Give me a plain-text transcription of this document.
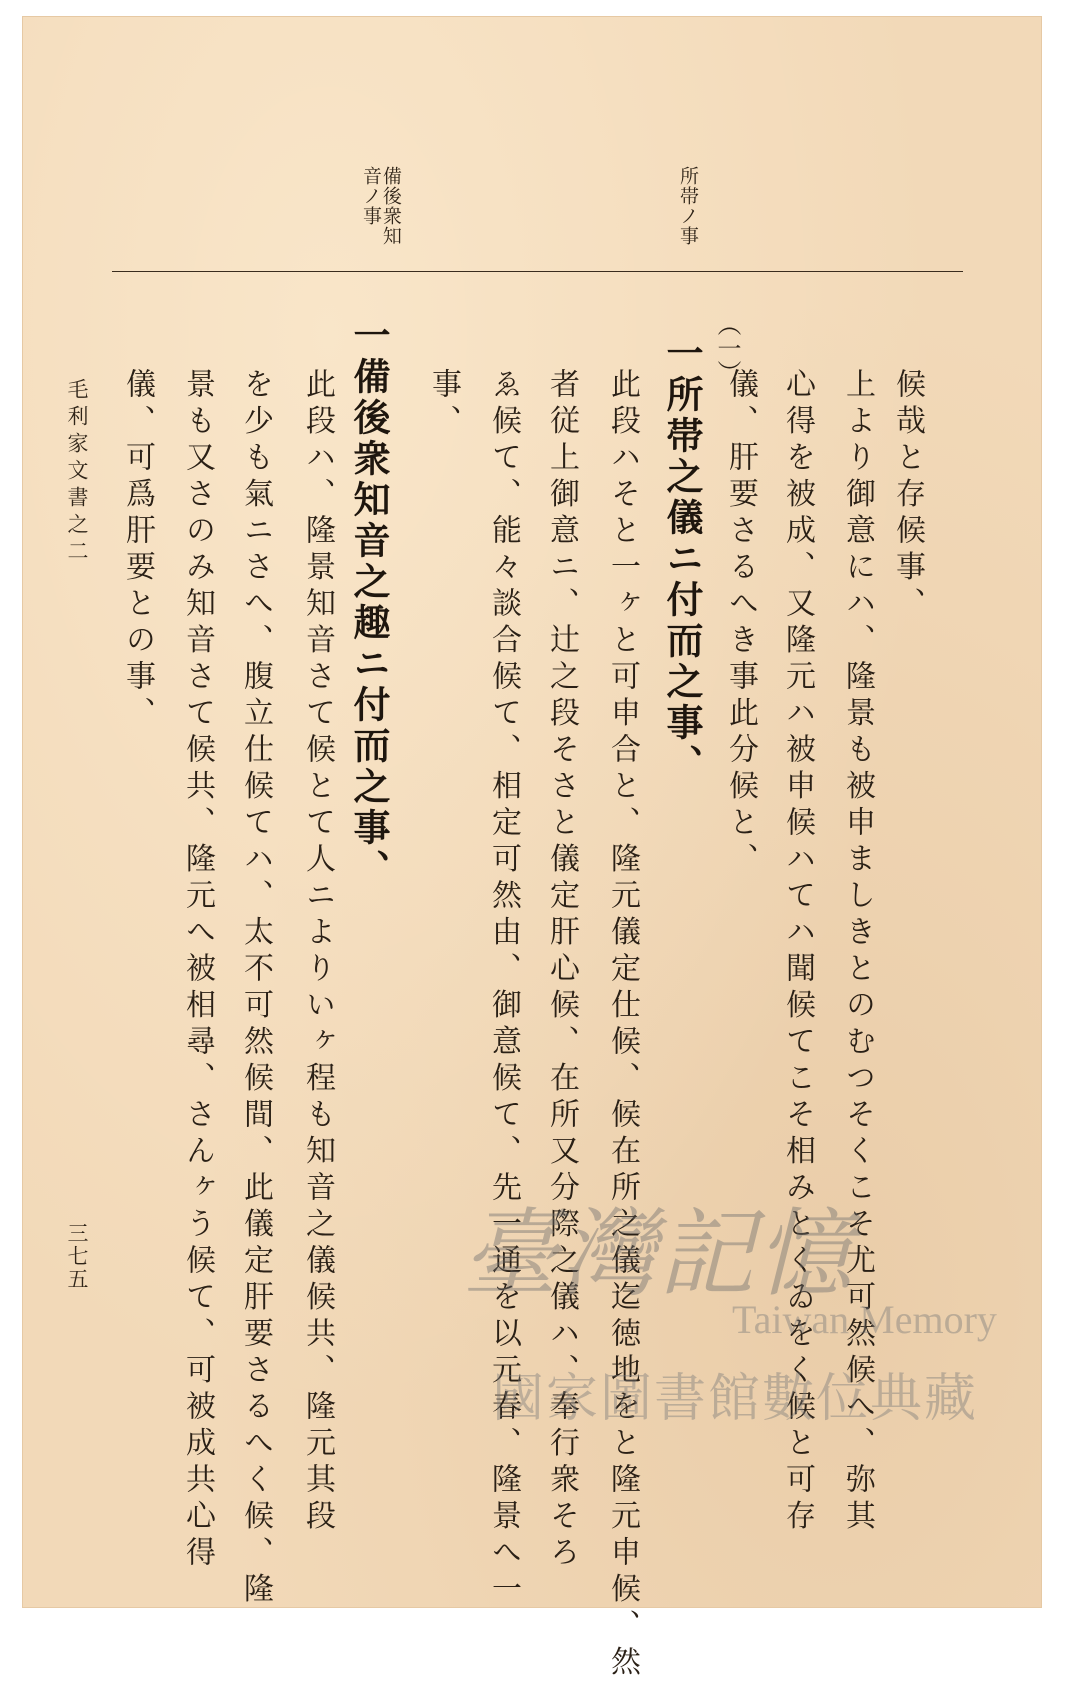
所帯ノ事
備後衆知音ノ事
候哉と存候事、
上より御意にハ、隆景も被申ましきとのむつそくこそ尤可然候へ、弥其
心得を被成、又隆元ハ被申候ハてハ聞候てこそ相みとくゐをく候と可存
儀、肝要さるへき事此分候と、
（一）
一所帯之儀ニ付而之事、
此段ハそと一ヶと可申合と、隆元儀定仕候、候在所之儀迄徳地をと隆元申候、然
者従上御意ニ、辻之段そさと儀定肝心候、在所又分際之儀ハ、奉行衆そろ
ゑ候て、能々談合候て、相定可然由、御意候て、先一通を以元春、隆景へ一
事、
一備後衆知音之趣ニ付而之事、
此段ハ、隆景知音さて候とて人ニよりいヶ程も知音之儀候共、隆元其段
を少も氣ニさへ、腹立仕候てハ、太不可然候間、此儀定肝要さるへく候、隆
景も又さのみ知音さて候共、隆元へ被相尋、さんヶう候て、可被成共心得
儀、可爲肝要との事、
毛利家文書之二
三七五	臺灣記憶
Taiwan Memory
國家圖書館數位典藏
